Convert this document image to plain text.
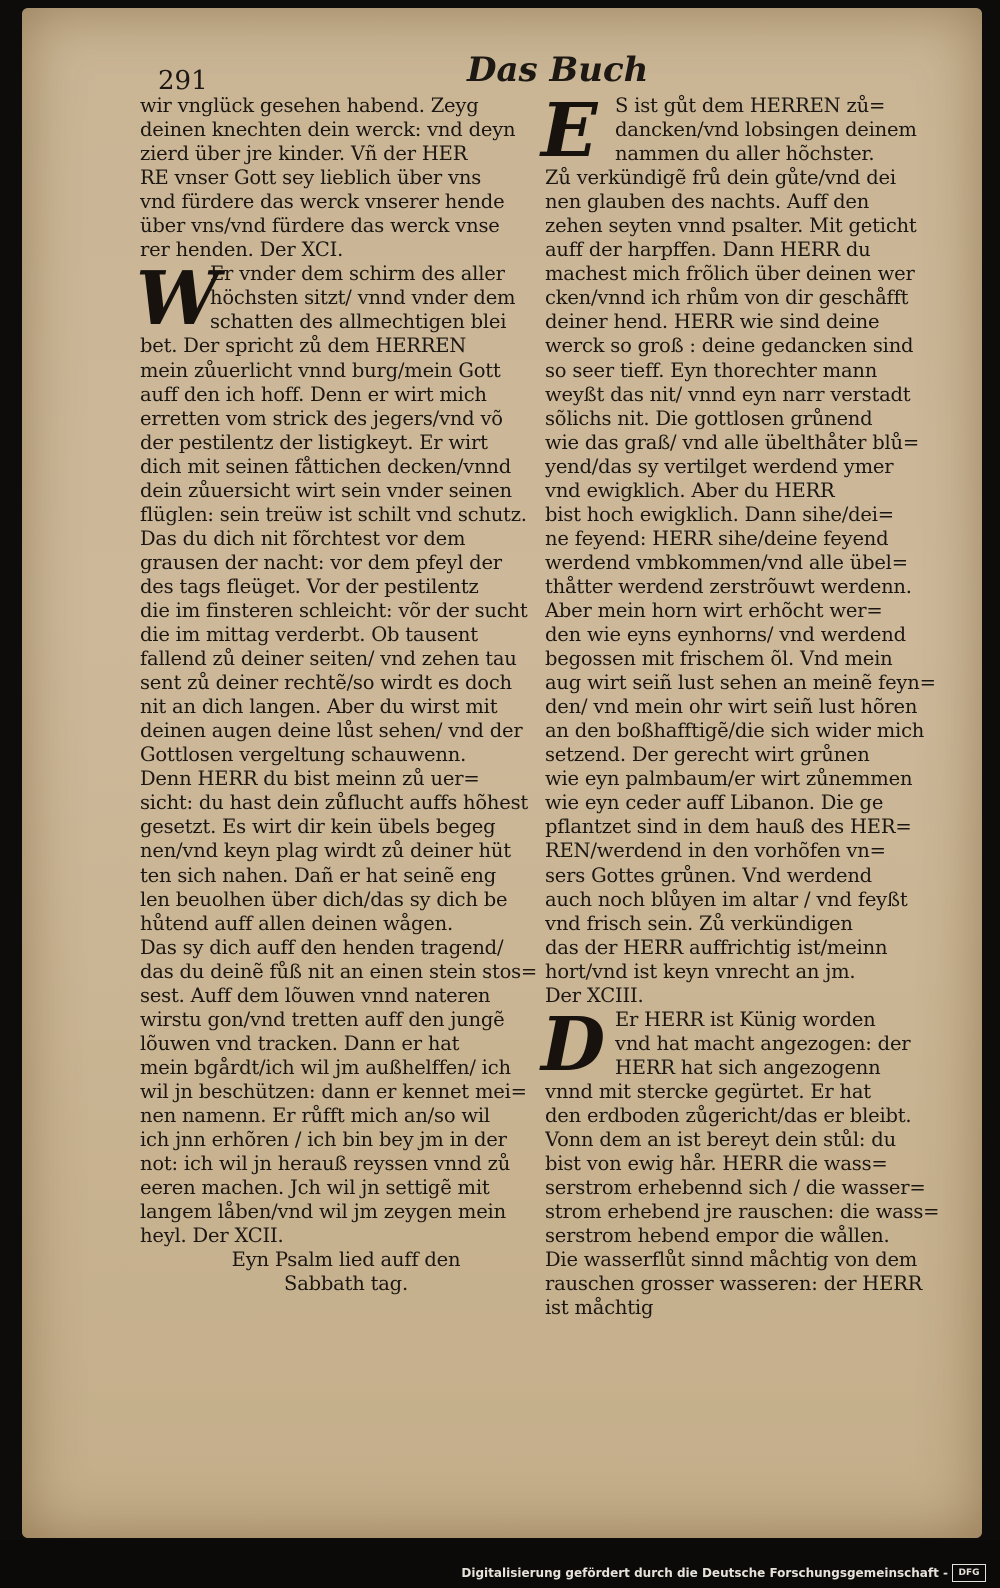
291	Das Buch
wir vnglück gesehen habend. Zeyg
deinen knechten dein werck: vnd deyn
zierd über jre kinder. Vñ der HER
RE vnser Gott sey lieblich über vns
vnd fürdere das werck vnserer hende
über vns/vnd fürdere das werck vnse
rer henden. Der XCI.
W
Er vnder dem schirm des aller
höchsten sitzt/ vnnd vnder dem
schatten des allmechtigen blei
bet. Der spricht zů dem HERREN
mein zůuerlicht vnnd burg/mein Gott
auff den ich hoff. Denn er wirt mich
erretten vom strick des jegers/vnd võ
der pestilentz der listigkeyt. Er wirt
dich mit seinen fåttichen decken/vnnd
dein zůuersicht wirt sein vnder seinen
flüglen: sein treüw ist schilt vnd schutz.
Das du dich nit fõrchtest vor dem
grausen der nacht: vor dem pfeyl der
des tags fleüget. Vor der pestilentz
die im finsteren schleicht: võr der sucht
die im mittag verderbt. Ob tausent
fallend zů deiner seiten/ vnd zehen tau
sent zů deiner rechtẽ/so wirdt es doch
nit an dich langen. Aber du wirst mit
deinen augen deine lůst sehen/ vnd der
Gottlosen vergeltung schauwenn.
Denn HERR du bist meinn zů uer=
sicht: du hast dein zůflucht auffs hõhest
gesetzt. Es wirt dir kein übels begeg
nen/vnd keyn plag wirdt zů deiner hüt
ten sich nahen. Dañ er hat seinẽ eng
len beuolhen über dich/das sy dich be
hůtend auff allen deinen wågen.
Das sy dich auff den henden tragend/
das du deinẽ fůß nit an einen stein stos=
sest. Auff dem lõuwen vnnd nateren
wirstu gon/vnd tretten auff den jungẽ
lõuwen vnd tracken. Dann er hat
mein bgårdt/ich wil jm außhelffen/ ich
wil jn beschützen: dann er kennet mei=
nen namenn. Er růfft mich an/so wil
ich jnn erhõren / ich bin bey jm in der
not: ich wil jn herauß reyssen vnnd zů
eeren machen. Jch wil jn settigẽ mit
langem låben/vnd wil jm zeygen mein
heyl. Der XCII.
Eyn Psalm lied auff den
Sabbath tag.
E S ist gůt dem HERREN zů=
dancken/vnd lobsingen deinem
nammen du aller hõchster.
Zů verkündigẽ frů dein gůte/vnd dei
nen glauben des nachts. Auff den
zehen seyten vnnd psalter. Mit geticht
auff der harpffen. Dann HERR du
machest mich frõlich über deinen wer
cken/vnnd ich rhům von dir geschåfft
deiner hend. HERR wie sind deine
werck so groß : deine gedancken sind
so seer tieff. Eyn thorechter mann
weyßt das nit/ vnnd eyn narr verstadt
sõlichs nit. Die gottlosen grůnend
wie das graß/ vnd alle übelthåter blů=
yend/das sy vertilget werdend ymer
vnd ewigklich. Aber du HERR
bist hoch ewigklich. Dann sihe/dei=
ne feyend: HERR sihe/deine feyend
werdend vmbkommen/vnd alle übel=
thåtter werdend zerstrõuwt werdenn.
Aber mein horn wirt erhõcht wer=
den wie eyns eynhorns/ vnd werdend
begossen mit frischem õl. Vnd mein
aug wirt seiñ lust sehen an meinẽ feyn=
den/ vnd mein ohr wirt seiñ lust hõren
an den boßhafftigẽ/die sich wider mich
setzend. Der gerecht wirt grůnen
wie eyn palmbaum/er wirt zůnemmen
wie eyn ceder auff Libanon. Die ge
pflantzet sind in dem hauß des HER=
REN/werdend in den vorhõfen vn=
sers Gottes grůnen. Vnd werdend
auch noch blůyen im altar / vnd feyßt
vnd frisch sein. Zů verkündigen
das der HERR auffrichtig ist/meinn
hort/vnd ist keyn vnrecht an jm.
Der XCIII.
D Er HERR ist Künig worden
vnd hat macht angezogen: der
HERR hat sich angezogenn
vnnd mit stercke gegürtet. Er hat
den erdboden zůgericht/das er bleibt.
Vonn dem an ist bereyt dein stůl: du
bist von ewig hår. HERR die wass=
serstrom erhebennd sich / die wasser=
strom erhebend jre rauschen: die wass=
serstrom hebend empor die wållen.
Die wasserflůt sinnd måchtig von dem
rauschen grosser wasseren: der HERR
ist måchtig
Digitalisierung gefördert durch die Deutsche Forschungsgemeinschaft -	DFG
